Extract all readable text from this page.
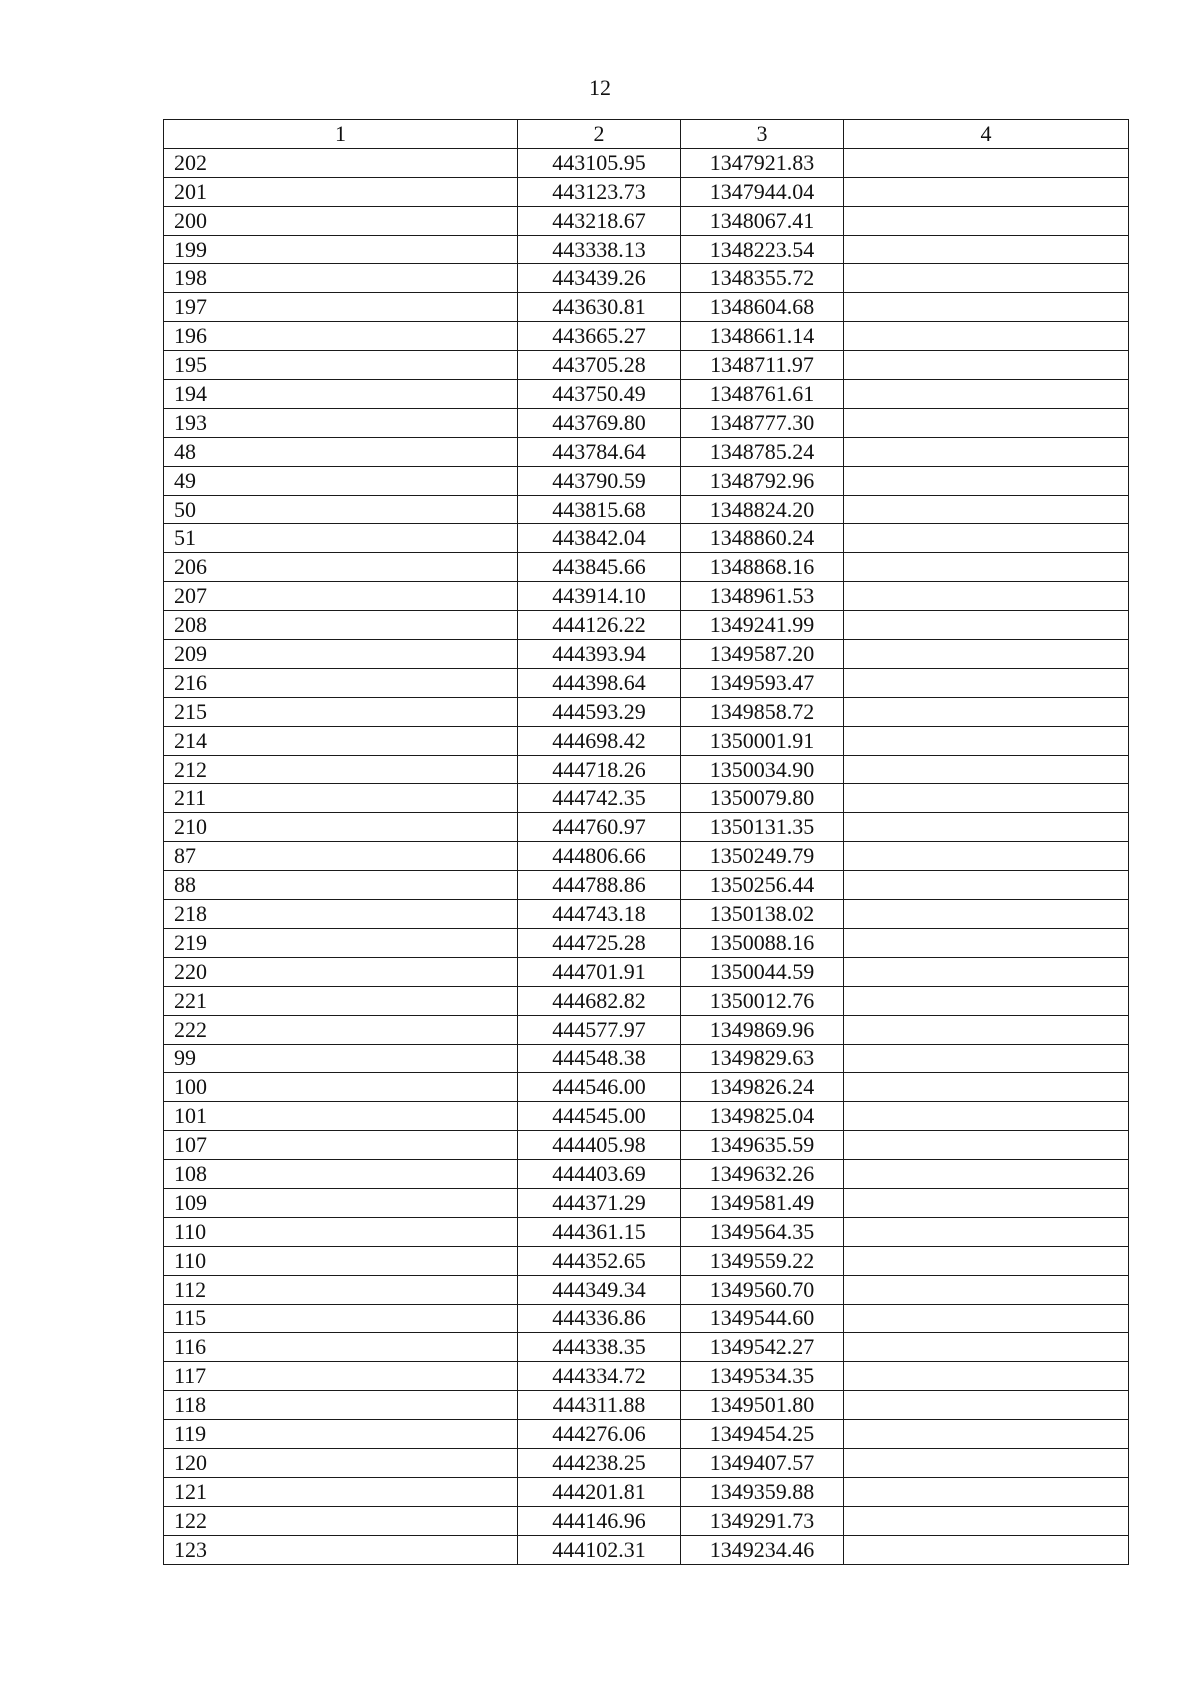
12
1	2	3	4
202	443105.95	1347921.83	
201	443123.73	1347944.04	
200	443218.67	1348067.41	
199	443338.13	1348223.54	
198	443439.26	1348355.72	
197	443630.81	1348604.68	
196	443665.27	1348661.14	
195	443705.28	1348711.97	
194	443750.49	1348761.61	
193	443769.80	1348777.30	
48	443784.64	1348785.24	
49	443790.59	1348792.96	
50	443815.68	1348824.20	
51	443842.04	1348860.24	
206	443845.66	1348868.16	
207	443914.10	1348961.53	
208	444126.22	1349241.99	
209	444393.94	1349587.20	
216	444398.64	1349593.47	
215	444593.29	1349858.72	
214	444698.42	1350001.91	
212	444718.26	1350034.90	
211	444742.35	1350079.80	
210	444760.97	1350131.35	
87	444806.66	1350249.79	
88	444788.86	1350256.44	
218	444743.18	1350138.02	
219	444725.28	1350088.16	
220	444701.91	1350044.59	
221	444682.82	1350012.76	
222	444577.97	1349869.96	
99	444548.38	1349829.63	
100	444546.00	1349826.24	
101	444545.00	1349825.04	
107	444405.98	1349635.59	
108	444403.69	1349632.26	
109	444371.29	1349581.49	
110	444361.15	1349564.35	
110	444352.65	1349559.22	
112	444349.34	1349560.70	
115	444336.86	1349544.60	
116	444338.35	1349542.27	
117	444334.72	1349534.35	
118	444311.88	1349501.80	
119	444276.06	1349454.25	
120	444238.25	1349407.57	
121	444201.81	1349359.88	
122	444146.96	1349291.73	
123	444102.31	1349234.46	
